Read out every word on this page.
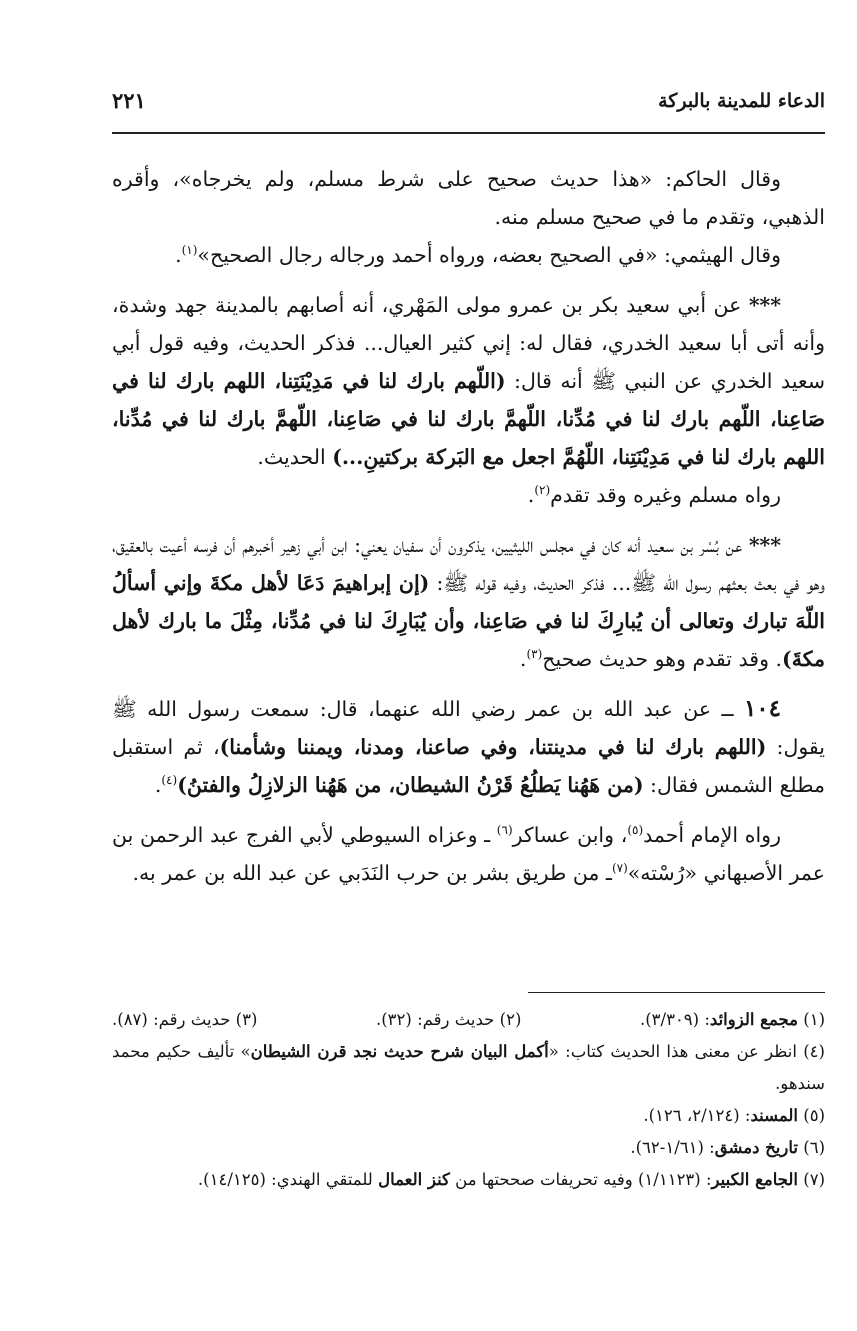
الدعاء للمدينة بالبركة
٢٢١

وقال الحاكم: «هذا حديث صحيح على شرط مسلم، ولم يخرجاه»، وأقره الذهبي، وتقدم ما في صحيح مسلم منه.

وقال الهيثمي: «في الصحيح بعضه، ورواه أحمد ورجاله رجال الصحيح»$^{(١)}$.

*** عن أبي سعيد بكر بن عمرو مولى المَهْري، أنه أصابهم بالمدينة جهد وشدة، وأنه أتى أبا سعيد الخدري، فقال له: إني كثير العيال... فذكر الحديث، وفيه قول أبي سعيد الخدري عن النبي ﷺ أنه قال: (اللّهم بارك لنا في مَدِيْنَتِنا، اللهم بارك لنا في صَاعِنا، اللّهم بارك لنا في مُدِّنا، اللّهمَّ بارك لنا في صَاعِنا، اللّهمَّ بارك لنا في مُدِّنا، اللهم بارك لنا في مَدِيْنَتِنا، اللّهُمَّ اجعل مع البَركة بركتينِ...) الحديث.

رواه مسلم وغيره وقد تقدم$^{(٢)}$.

*** عن بُسْر بن سعيد أنه كان في مجلس الليثيين، يذكرون أن سفيان يعني: ابن أبي زهير أخبرهم أن فرسه أعيت بالعقيق، وهو في بعث بعثهم رسول الله ﷺ... فذكر الحديث، وفيه قوله ﷺ: (إن إبراهيمَ دَعَا لأهل مكةَ وإني أسألُ اللّهَ تبارك وتعالى أن يُبارِكَ لنا في صَاعِنا، وأن يُبَارِكَ لنا في مُدِّنا، مِثْلَ ما بارك لأهل مكةَ). وقد تقدم وهو حديث صحيح$^{(٣)}$.

١٠٤ ــ عن عبد الله بن عمر رضي الله عنهما، قال: سمعت رسول الله ﷺ يقول: (اللهم بارك لنا في مدينتنا، وفي صاعنا، ومدنا، ويمننا وشأمنا)، ثم استقبل مطلع الشمس فقال: (من هَهُنا يَطلُعُ قَرْنُ الشيطان، من هَهُنا الزلازِلُ والفتنُ)$^{(٤)}$.

رواه الإمام أحمد$^{(٥)}$، وابن عساكر$^{(٦)}$ ـ وعزاه السيوطي لأبي الفرج عبد الرحمن بن عمر الأصبهاني «رُسْته»$^{(٧)}$ـ من طريق بشر بن حرب النَدَبي عن عبد الله بن عمر به.

(١) مجمع الزوائد: (٣/٣٠٩).
(٢) حديث رقم: (٣٢).
(٣) حديث رقم: (٨٧).

(٤) انظر عن معنى هذا الحديث كتاب: «أكمل البيان شرح حديث نجد قرن الشيطان» تأليف حكيم محمد سندهو.

(٥) المسند: (٢/١٢٤، ١٢٦).

(٦) تاريخ دمشق: (١/٦١-٦٢).

(٧) الجامع الكبير: (١/١١٢٣) وفيه تحريفات صححتها من كنز العمال للمتقي الهندي: (١٤/١٢٥).
